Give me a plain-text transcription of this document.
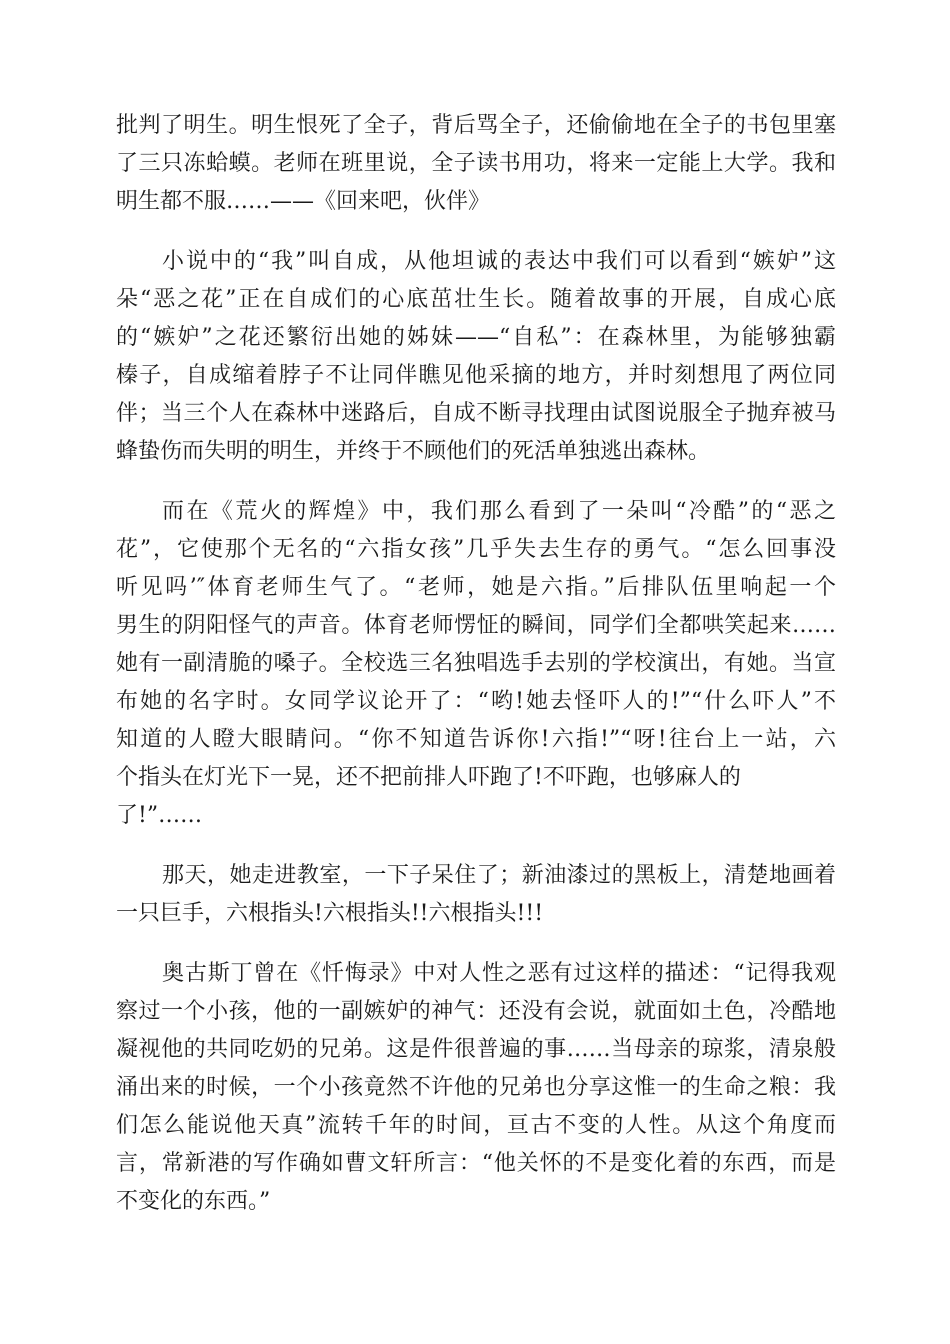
批判了明生。明生恨死了全子，背后骂全子，还偷偷地在全子的书包里塞
了三只冻蛤蟆。老师在班里说，全子读书用功，将来一定能上大学。我和
明生都不服……——《回来吧，伙伴》
小说中的“我”叫自成，从他坦诚的表达中我们可以看到“嫉妒”这
朵“恶之花”正在自成们的心底茁壮生长。随着故事的开展，自成心底
的“嫉妒”之花还繁衍出她的姊妹——“自私”：在森林里，为能够独霸
榛子，自成缩着脖子不让同伴瞧见他采摘的地方，并时刻想甩了两位同
伴；当三个人在森林中迷路后，自成不断寻找理由试图说服全子抛弃被马
蜂蛰伤而失明的明生，并终于不顾他们的死活单独逃出森林。
而在《荒火的辉煌》中，我们那么看到了一朵叫“冷酷”的“恶之
花”，它使那个无名的“六指女孩”几乎失去生存的勇气。“怎么回事没
听见吗’″体育老师生气了。“老师，她是六指。”后排队伍里响起一个
男生的阴阳怪气的声音。体育老师愣怔的瞬间，同学们全都哄笑起来……
她有一副清脆的嗓子。全校选三名独唱选手去别的学校演出，有她。当宣
布她的名字时。女同学议论开了：“哟!她去怪吓人的!”“什么吓人”不
知道的人瞪大眼睛问。“你不知道告诉你!六指!”“呀!往台上一站，六
个指头在灯光下一晃，还不把前排人吓跑了!不吓跑，也够麻人的
了!”……
那天，她走进教室，一下子呆住了；新油漆过的黑板上，清楚地画着
一只巨手，六根指头!六根指头!!六根指头!!!
奥古斯丁曾在《忏悔录》中对人性之恶有过这样的描述：“记得我观
察过一个小孩，他的一副嫉妒的神气：还没有会说，就面如土色，冷酷地
凝视他的共同吃奶的兄弟。这是件很普遍的事……当母亲的琼浆，清泉般
涌出来的时候，一个小孩竟然不许他的兄弟也分享这惟一的生命之粮：我
们怎么能说他天真”流转千年的时间，亘古不变的人性。从这个角度而
言，常新港的写作确如曹文轩所言：“他关怀的不是变化着的东西，而是
不变化的东西。”
